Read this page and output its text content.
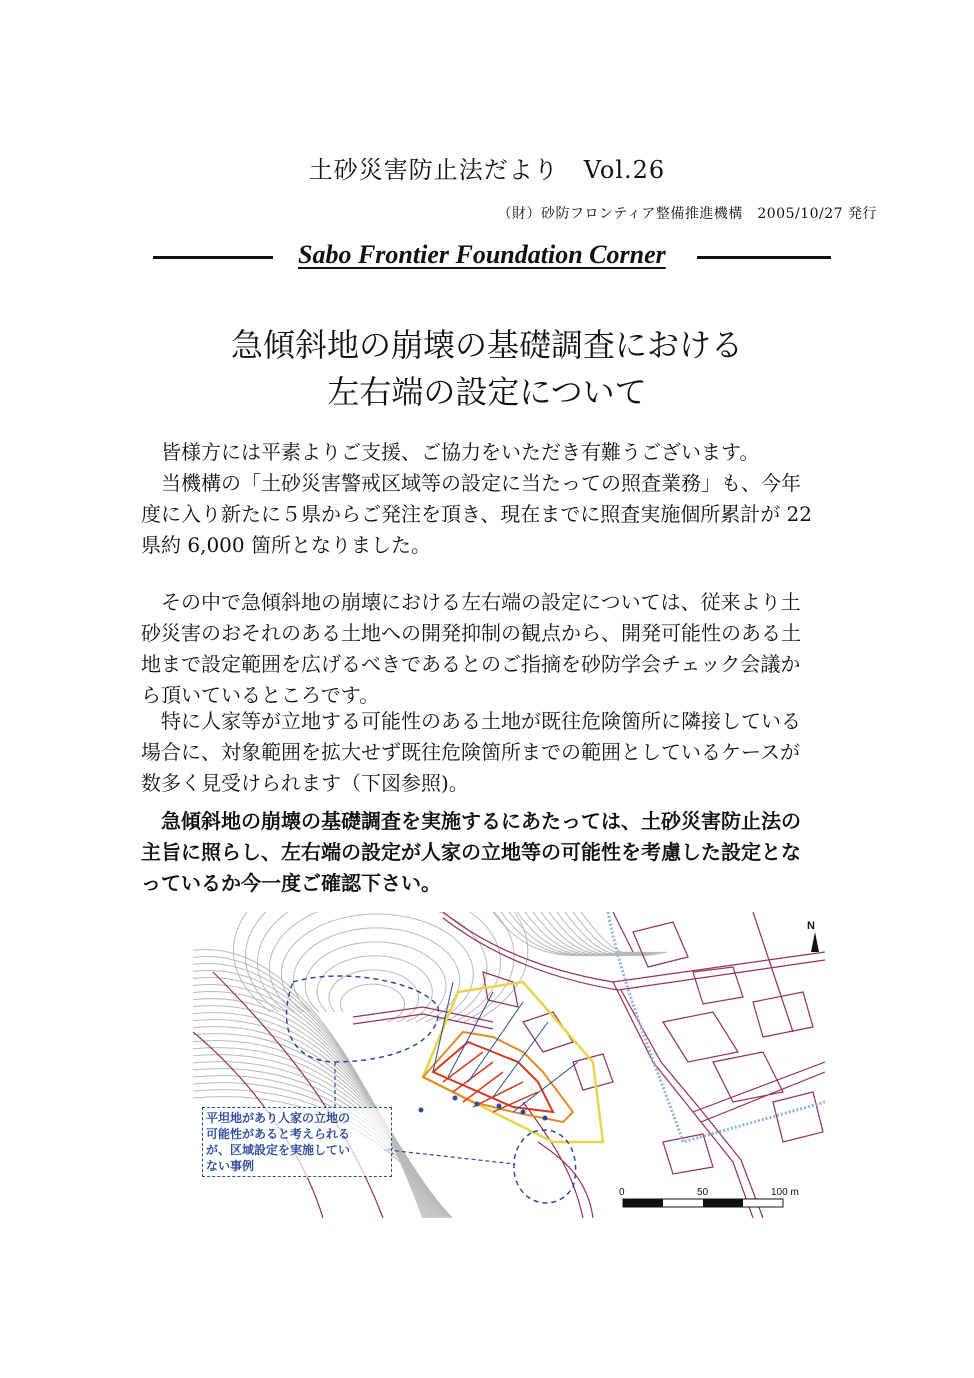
土砂災害防止法だより　Vol.26
（財）砂防フロンティア整備推進機構　2005/10/27 発行
Sabo Frontier Foundation Corner
急傾斜地の崩壊の基礎調査における
左右端の設定について
　皆様方には平素よりご支援、ご協力をいただき有難うございます。
　当機構の「土砂災害警戒区域等の設定に当たっての照査業務」も、今年
度に入り新たに５県からご発注を頂き、現在までに照査実施個所累計が 22
県約 6,000 箇所となりました。
　その中で急傾斜地の崩壊における左右端の設定については、従来より土
砂災害のおそれのある土地への開発抑制の観点から、開発可能性のある土
地まで設定範囲を広げるべきであるとのご指摘を砂防学会チェック会議か
ら頂いているところです。
　特に人家等が立地する可能性のある土地が既往危険箇所に隣接している
場合に、対象範囲を拡大せず既往危険箇所までの範囲としているケースが
数多く見受けられます（下図参照)。
　急傾斜地の崩壊の基礎調査を実施するにあたっては、土砂災害防止法の
主旨に照らし、左右端の設定が人家の立地等の可能性を考慮した設定とな
っているか今一度ご確認下さい。
N
0	50	100 m
平坦地があり人家の立地の
可能性があると考えられる
が、区域設定を実施してい
ない事例
